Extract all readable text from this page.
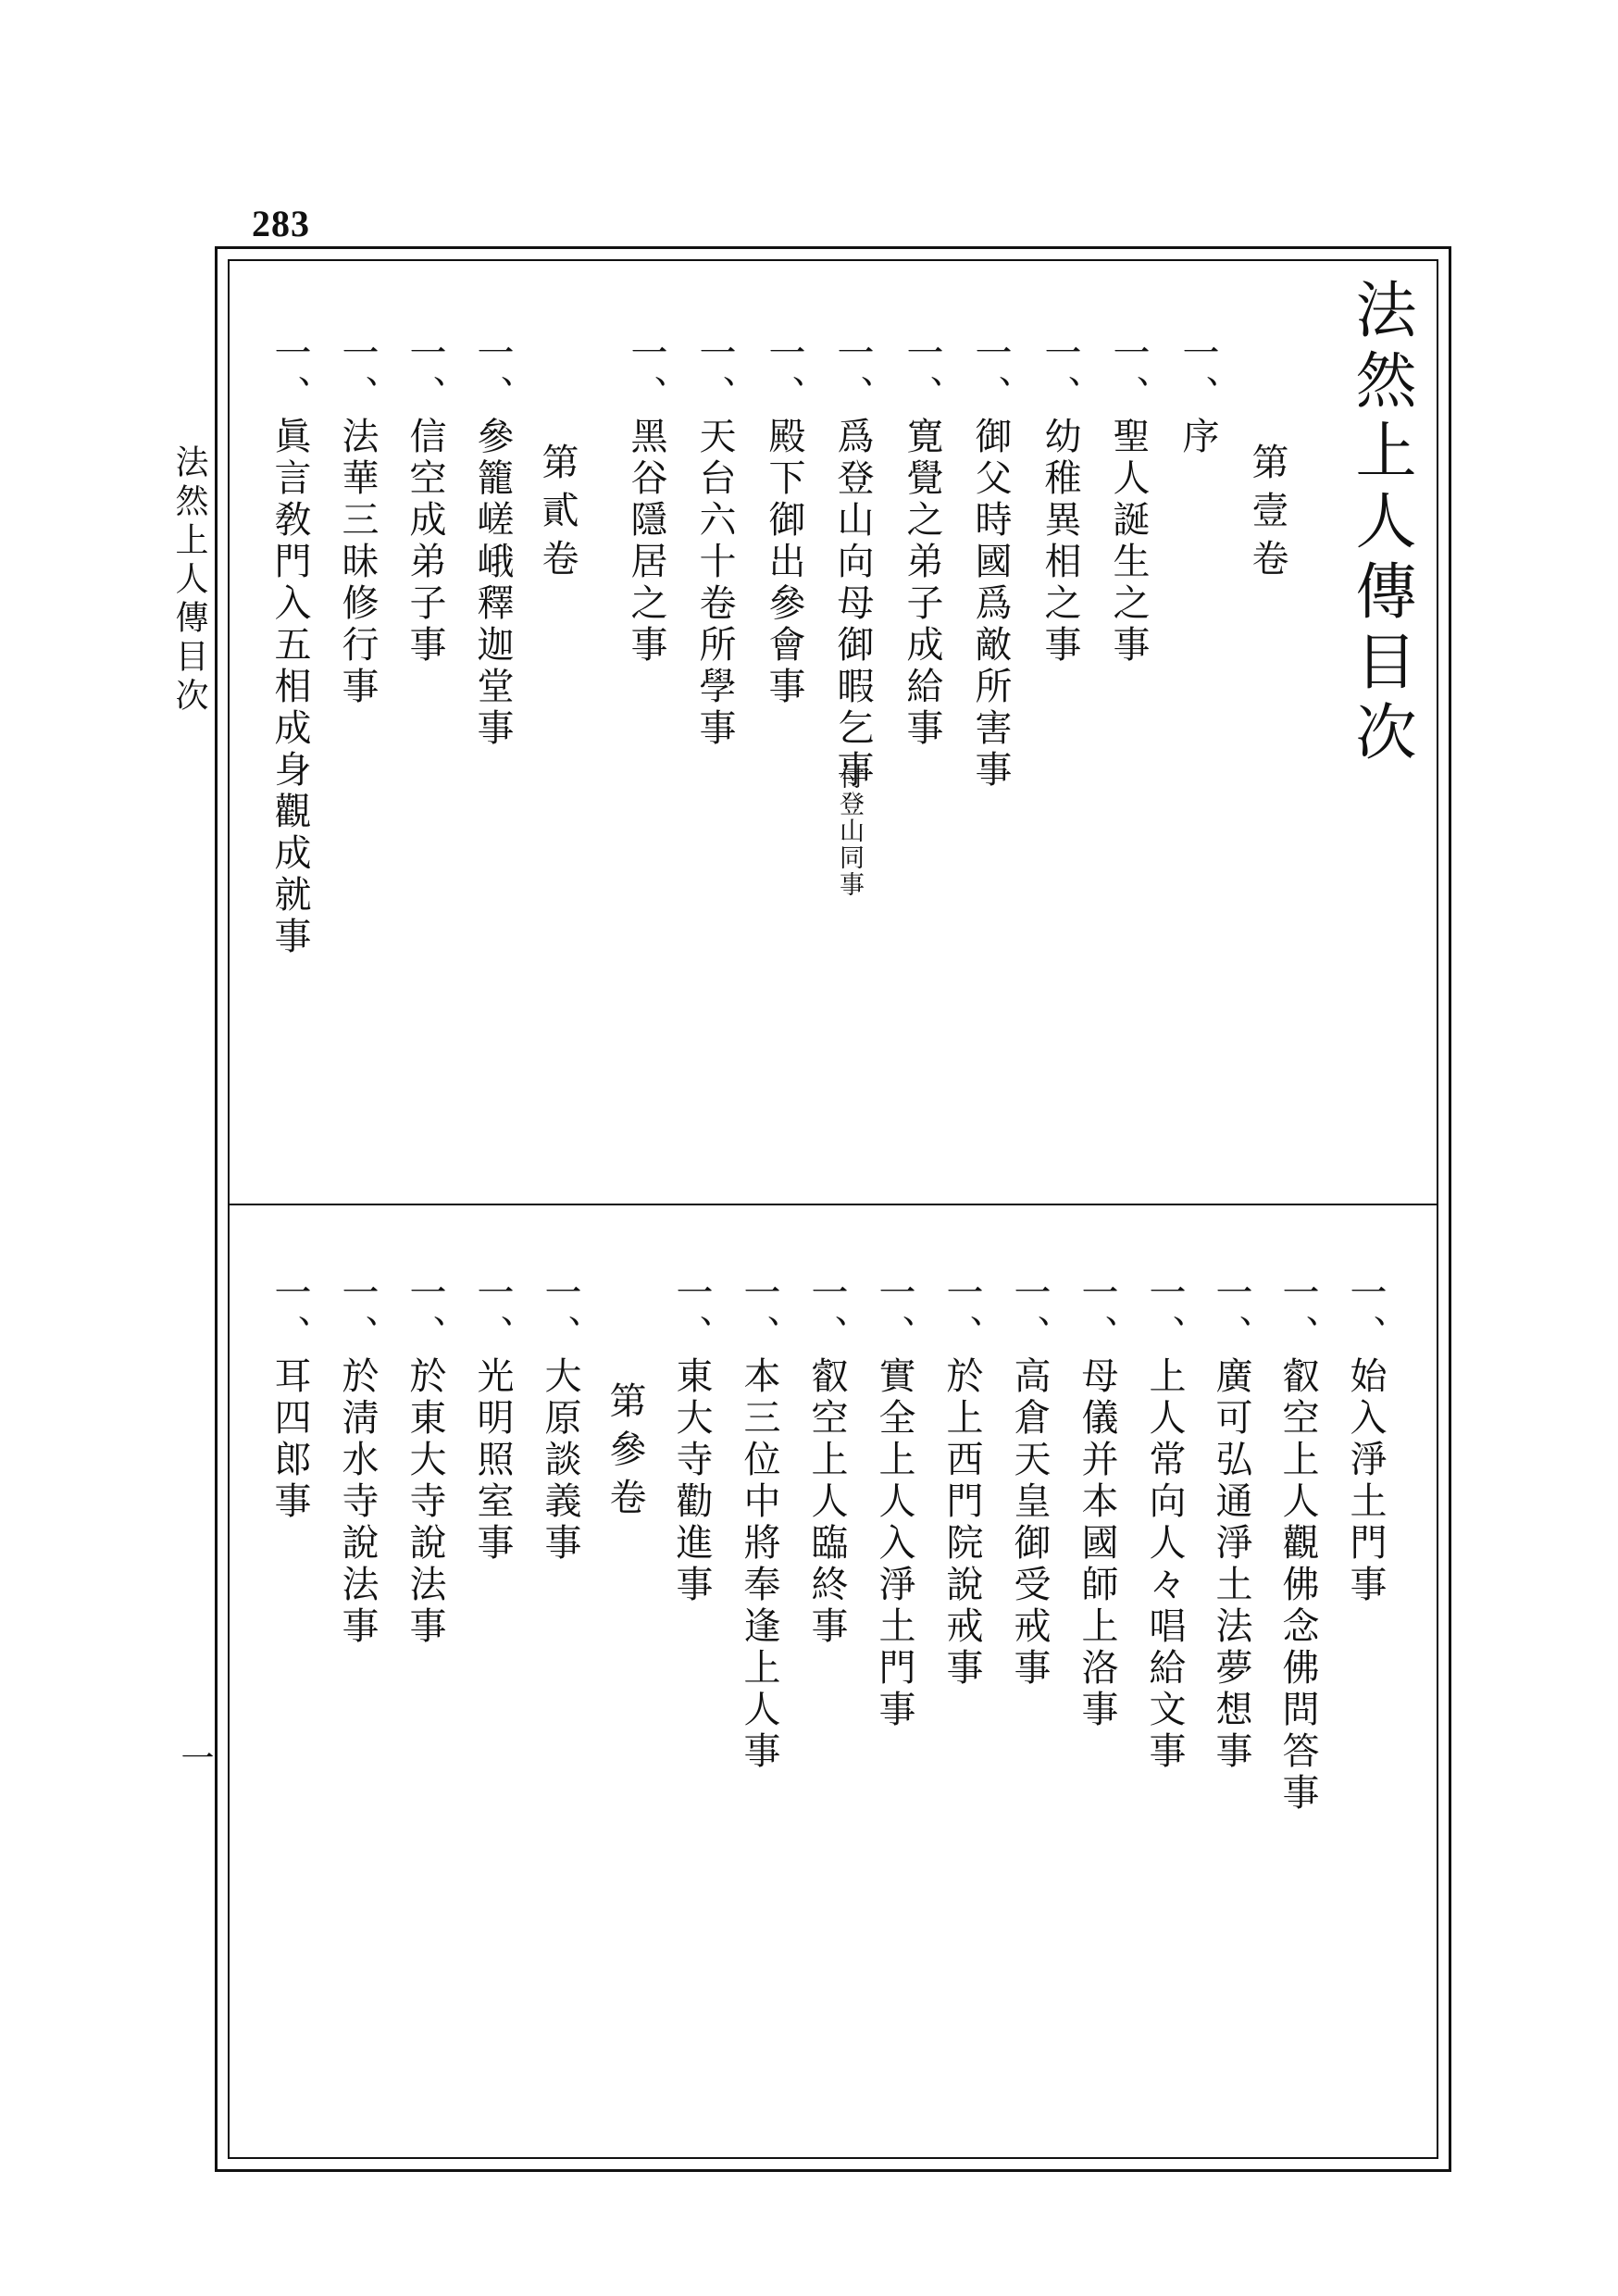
283
法然上人傳目次
一
法然上人傳目次
第壹卷
一、序
一、聖人誕生之事
一、幼稚異相之事
一、御父時國爲敵所害事
一、寛覺之弟子成給事
一、爲登山向母御暇乞事
付登山同事
一、殿下御出參會事
一、天台六十卷所學事
一、黑谷隱居之事
第貳卷
一、參籠嵯峨釋迦堂事
一、信空成弟子事
一、法華三昧修行事
一、眞言敎門入五相成身觀成就事
一、始入淨土門事
一、叡空上人觀佛念佛問答事
一、廣可弘通淨土法夢想事
一、上人常向人々唱給文事
一、母儀并本國師上洛事
一、高倉天皇御受戒事
一、於上西門院說戒事
一、實全上人入淨土門事
一、叡空上人臨終事
一、本三位中將奉逢上人事
一、東大寺勸進事
第參卷
一、大原談義事
一、光明照室事
一、於東大寺說法事
一、於淸水寺說法事
一、耳四郎事
